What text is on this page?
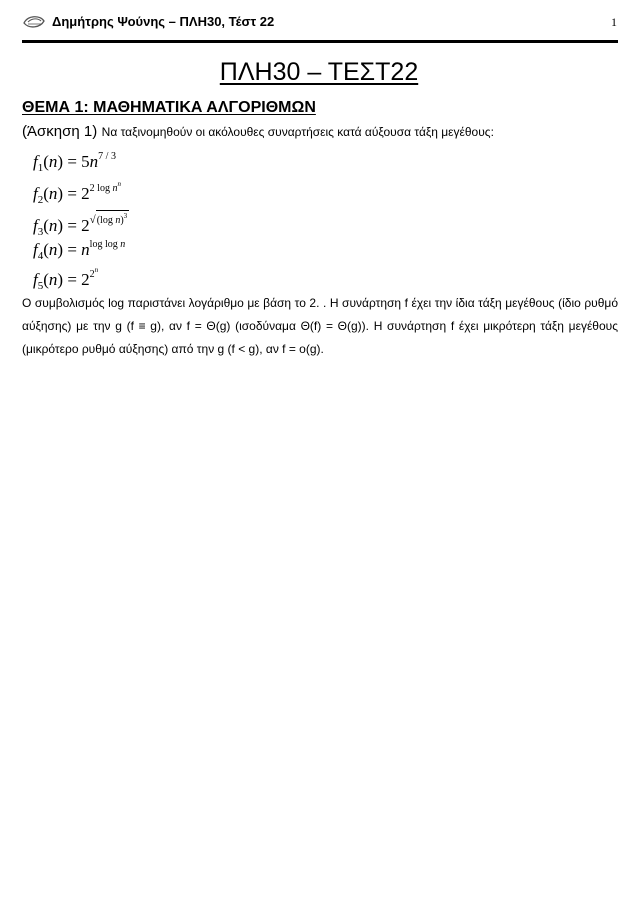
Δημήτρης Ψούνης – ΠΛΗ30, Τέστ 22	1
ΠΛΗ30 – ΤΕΣΤ22
ΘΕΜΑ 1: ΜΑΘΗΜΑΤΙΚΑ ΑΛΓΟΡΙΘΜΩΝ
(Άσκηση 1) Να ταξινομηθούν οι ακόλουθες συναρτήσεις κατά αύξουσα τάξη μεγέθους:
$f_1(n) = 5n^{7 / 3}$
$f_2(n) = 2^{2 log n^n}$
$f_3(n) = 2^{√(log n)^3}$
$f_4(n) = n^{log log n}$
$f_5(n) = 2^{2^n}$

Ο συμβολισμός log παριστάνει λογάριθμο με βάση το 2. . Η συνάρτηση f έχει την ίδια τάξη μεγέθους (ίδιο ρυθμό αύξησης) με την g (f ≡ g), αν f = Θ(g) (ισοδύναμα Θ(f) = Θ(g)). Η συνάρτηση f έχει μικρότερη τάξη μεγέθους (μικρότερο ρυθμό αύξησης) από την g (f < g), αν f = o(g).
